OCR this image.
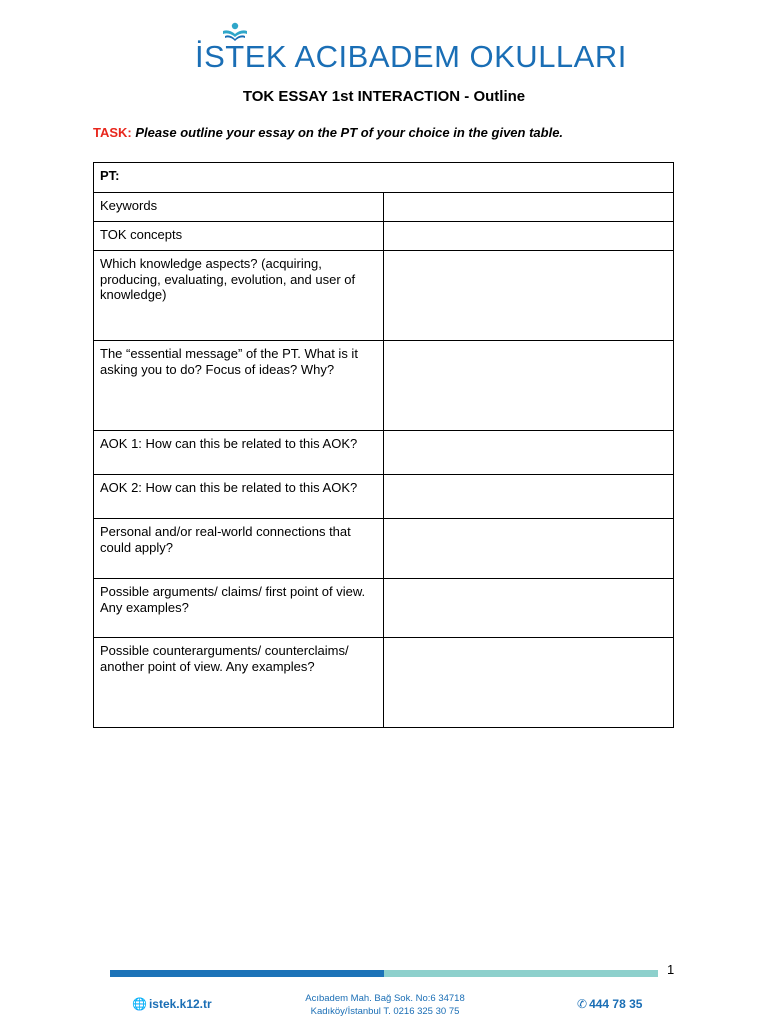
İSTEK ACIBADEM OKULLARI
TOK ESSAY 1st INTERACTION - Outline
TASK: Please outline your essay on the PT of your choice in the given table.
PT:	
Keywords	
TOK concepts	
Which knowledge aspects? (acquiring, producing, evaluating, evolution, and user of knowledge)	
The “essential message” of the PT. What is it asking you to do? Focus of ideas? Why?	
AOK 1: How can this be related to this AOK?	
AOK 2: How can this be related to this AOK?	
Personal and/or real-world connections that could apply?	
Possible arguments/ claims/ first point of view. Any examples?	
Possible counterarguments/ counterclaims/ another point of view. Any examples?	
1
🌐 istek.k12.tr	Acıbadem Mah. Bağ Sok. No:6 34718
Kadıköy/İstanbul T. 0216 325 30 75
✆ 444 78 35
